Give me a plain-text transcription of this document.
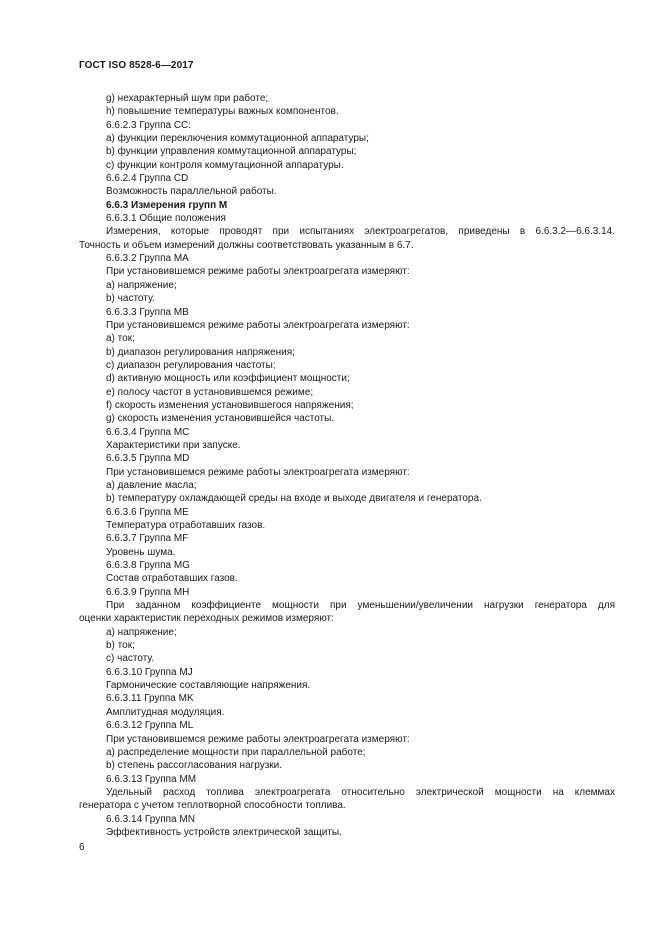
ГОСТ ISO 8528-6—2017
g) нехарактерный шум при работе;
h) повышение температуры важных компонентов.
6.6.2.3 Группа CC:
a) функции переключения коммутационной аппаратуры;
b) функции управления коммутационной аппаратуры;
c) функции контроля коммутационной аппаратуры.
6.6.2.4 Группа CD
Возможность параллельной работы.
6.6.3 Измерения групп M
6.6.3.1 Общие положения
Измерения, которые проводят при испытаниях электроагрегатов, приведены в 6.6.3.2—6.6.3.14.
Точность и объем измерений должны соответствовать указанным в 6.7.
6.6.3.2 Группа MA
При установившемся режиме работы электроагрегата измеряют:
a) напряжение;
b) частоту.
6.6.3.3 Группа MB
При установившемся режиме работы электроагрегата измеряют:
a) ток;
b) диапазон регулирования напряжения;
c) диапазон регулирования частоты;
d) активную мощность или коэффициент мощности;
e) полосу частот в установившемся режиме;
f) скорость изменения установившегося напряжения;
g) скорость изменения установившейся частоты.
6.6.3.4 Группа MC
Характеристики при запуске.
6.6.3.5 Группа MD
При установившемся режиме работы электроагрегата измеряют:
a) давление масла;
b) температуру охлаждающей среды на входе и выходе двигателя и генератора.
6.6.3.6 Группа ME
Температура отработавших газов.
6.6.3.7 Группа MF
Уровень шума.
6.6.3.8 Группа MG
Состав отработавших газов.
6.6.3.9 Группа MH
При заданном коэффициенте мощности при уменьшении/увеличении нагрузки генератора для
оценки характеристик переходных режимов измеряют:
a) напряжение;
b) ток;
c) частоту.
6.6.3.10 Группа MJ
Гармонические составляющие напряжения.
6.6.3.11 Группа MK
Амплитудная модуляция.
6.6.3.12 Группа ML
При установившемся режиме работы электроагрегата измеряют:
a) распределение мощности при параллельной работе;
b) степень рассогласования нагрузки.
6.6.3.13 Группа MM
Удельный расход топлива электроагрегата относительно электрической мощности на клеммах
генератора с учетом теплотворной способности топлива.
6.6.3.14 Группа MN
Эффективность устройств электрической защиты.
6
